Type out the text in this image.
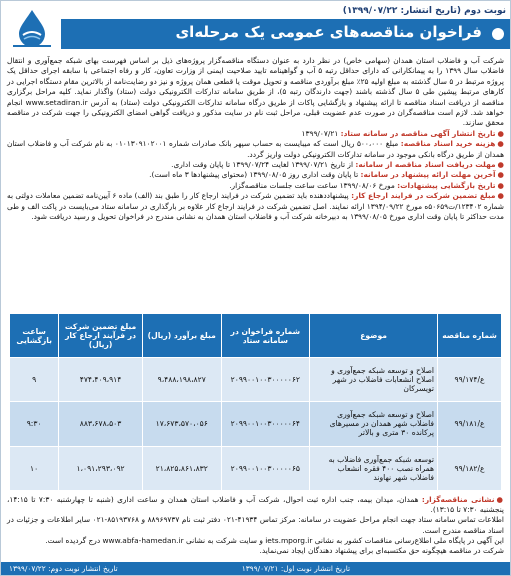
نوبت دوم (تاریخ انتشار: ۱۳۹۹/۰۷/۲۲)
فراخوان مناقصه‌های عمومی یک مرحله‌ای

شرکت آب و فاضلاب استان همدان (سهامی خاص) در نظر دارد به عنوان دستگاه مناقصه‌گزار پروژه‌های ذیل بر اساس فهرست بهای شبکه جمع‌آوری و انتقال فاضلاب سال ۱۳۹۹ را به پیمانکارانی که دارای حداقل رتبه ۵ آب و گواهینامه تایید صلاحیت ایمنی از وزارت تعاون، کار و رفاه اجتماعی با سابقه اجرای حداقل یک پروژه مرتبط در ۵ سال گذشته به مبلغ اولیه ۲۵٪ مبلغ برآوردی مناقصه و تحویل موقت یا قطعی همان پروژه و نیز دو رضایت‌نامه از بالاترین مقام دستگاه اجرایی در کارهای مرتبط پیشین طی ۵ سال گذشته باشند (جهت دارندگان رتبه ۵)، از طریق سامانه تدارکات الکترونیکی دولت (ستاد) واگذار نماید. کلیه مراحل برگزاری مناقصه از دریافت اسناد مناقصه تا ارائه پیشنهاد و بازگشایی پاکات از طریق درگاه سامانه تدارکات الکترونیکی دولت (ستاد) به آدرس www.setadiran.ir انجام خواهد شد. لازم است مناقصه‌گران در صورت عدم عضویت قبلی، مراحل ثبت نام در سایت مذکور و دریافت گواهی امضای الکترونیکی را جهت شرکت در مناقصه محقق سازند.

●تاریخ انتشار آگهی مناقصه در سامانه ستاد: ۱۳۹۹/۰۷/۲۱

●هزینه خرید اسناد مناقصه: مبلغ ۵۰۰،۰۰۰ ریال است که میبایست به حساب سپهر بانک صادرات شماره ۰۱۰۱۳۰۹۱۰۲۰۰۱ به نام شرکت آب و فاضلاب استان همدان از طریق درگاه بانکی موجود در سامانه تدارکات الکترونیکی دولت واریز گردد.

●مهلت دریافت اسناد مناقصه از سامانه: از تاریخ ۱۳۹۹/۰۷/۲۱ لغایت ۱۳۹۹/۰۷/۲۴ تا پایان وقت اداری.

●آخرین مهلت ارائه پیشنهاد در سامانه: تا پایان وقت اداری روز ۱۳۹۹/۰۸/۰۵ (محتوای پیشنهادها ۳ ماه است).

●تاریخ بازگشایی پیشنهادات: مورخ ۱۳۹۹/۰۸/۰۶ ساعت ساعت جلسات مناقصه‌گزار.

●مبلغ تضمین شرکت در فرایند ارجاع کار: پیشنهاددهنده باید تضمین شرکت در فرایند ارجاع کار را طبق بند (الف) ماده ۶ آیین‌نامه تضمین معاملات دولتی به شماره ۱۲۳۴۰۲/ت۵۰۶۵۹ه مورخ ۱۳۹۴/۰۹/۲۲ ارائه نمایند. اصل تضمین شرکت در فرایند ارجاع کار علاوه بر بارگذاری در سامانه ستاد می‌بایست در پاکت الف و طی مدت حداکثر تا پایان وقت اداری مورخ ۱۳۹۹/۰۸/۰۵ به دبیرخانه شرکت آب و فاضلاب استان همدان به نشانی مندرج در فراخوان تحویل و رسید دریافت شود.

شماره مناقصه	موضوع	شماره فراخوان در سامانه ستاد	مبلغ برآورد (ریال)	مبلغ تضمین شرکت در فرآیند ارجاع کار (ریال)	ساعت بازگشایی
ع/۹۹/۱۷۴	اصلاح و توسعه شبکه جمع‌آوری و اصلاح انشعابات فاضلاب در شهر تویسرکان	۲۰۹۹۰۰۱۰۰۳۰۰۰۰۰۶۲	۹،۴۸۸،۱۹۸،۸۲۷	۴۷۴،۴۰۹،۹۱۴	۹
ع/۹۹/۱۸۱	اصلاح و توسعه شبکه جمع‌آوری فاضلاب شهر همدان در مسیرهای پرکانده ۳۰ متری و بالاتر	۲۰۹۹۰۰۱۰۰۳۰۰۰۰۰۶۴	۱۷،۶۷۳،۵۷۰،۰۵۶	۸۸۳،۶۷۸،۵۰۳	۹:۳۰
ع/۹۹/۱۸۲	توسعه شبکه جمع‌آوری فاضلاب به همراه نصب ۴۰۰ فقره انشعاب فاضلاب شهر نهاوند	۲۰۹۹۰۰۱۰۰۳۰۰۰۰۰۶۵	۲۱،۸۲۵،۸۶۱،۸۳۲	۱،۰۹۱،۲۹۳،۰۹۲	۱۰

●نشانی مناقصه‌گزار: همدان، میدان بیمه، جنب اداره ثبت احوال، شرکت آب و فاضلاب استان همدان و ساعت اداری (شنبه تا چهارشنبه ۷:۳۰ تا ۱۴:۱۵، پنجشنبه ۷:۳۰ تا ۱۳:۱۵).

اطلاعات تماس سامانه ستاد جهت انجام مراحل عضویت در سامانه: مرکز تماس ۴۱۹۳۴-۰۲۱ دفتر ثبت نام ۸۸۹۶۹۷۳۷ و ۸۵۱۹۳۷۶۸-۰۲۱ سایر اطلاعات و جزئیات در اسناد مناقصه مندرج است.

این آگهی در پایگاه ملی اطلاع‌رسانی مناقصات کشور به نشانی iets.mporg.ir و سایت شرکت به نشانی www.abfa-hamedan.ir درج گردیده است.

شرکت در مناقصه هیچگونه حق مکتسبه‌ای برای پیشنهاد دهندگان ایجاد نمی‌نماید.

تاریخ انتشار نوبت اول: ۱۳۹۹/۰۷/۲۱
تاریخ انتشار نوبت دوم: ۱۳۹۹/۰۷/۲۲
